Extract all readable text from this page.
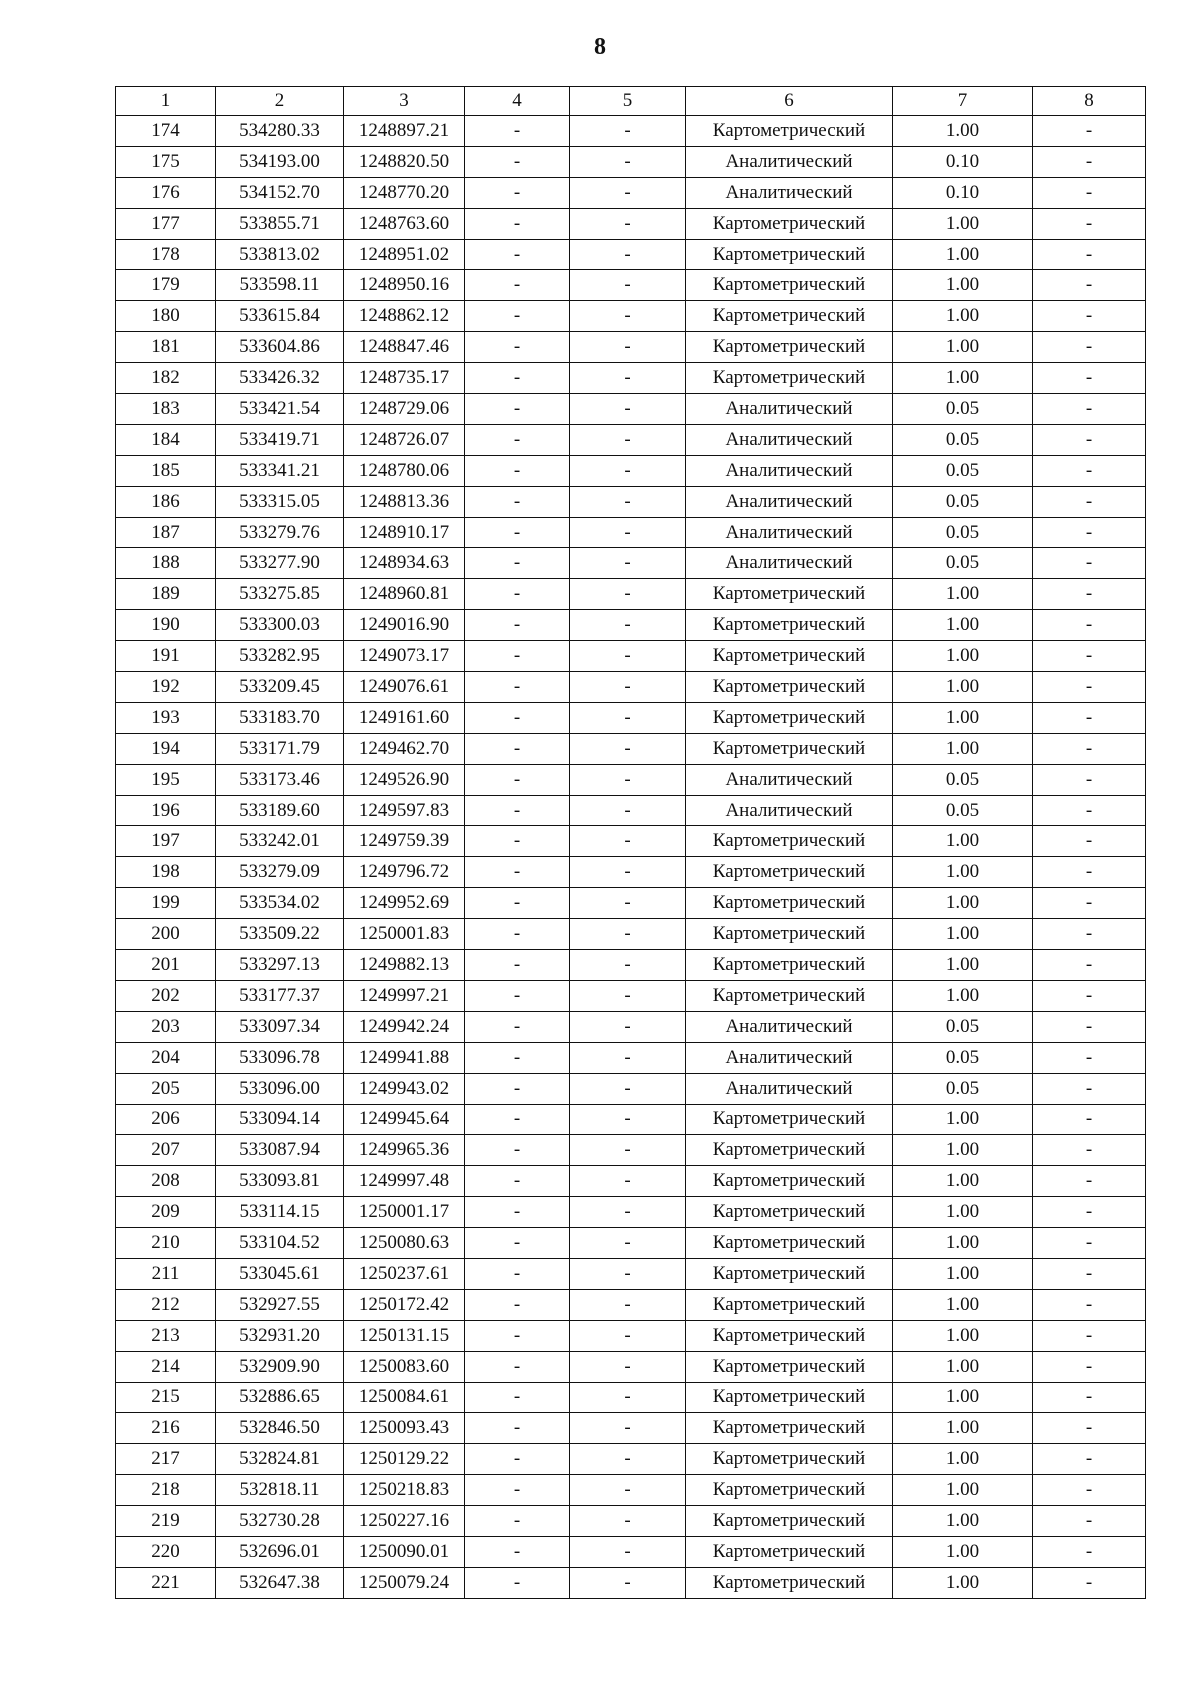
8
1	2	3	4	5	6	7	8
174	534280.33	1248897.21	-	-	Картометрический	1.00	-
175	534193.00	1248820.50	-	-	Аналитический	0.10	-
176	534152.70	1248770.20	-	-	Аналитический	0.10	-
177	533855.71	1248763.60	-	-	Картометрический	1.00	-
178	533813.02	1248951.02	-	-	Картометрический	1.00	-
179	533598.11	1248950.16	-	-	Картометрический	1.00	-
180	533615.84	1248862.12	-	-	Картометрический	1.00	-
181	533604.86	1248847.46	-	-	Картометрический	1.00	-
182	533426.32	1248735.17	-	-	Картометрический	1.00	-
183	533421.54	1248729.06	-	-	Аналитический	0.05	-
184	533419.71	1248726.07	-	-	Аналитический	0.05	-
185	533341.21	1248780.06	-	-	Аналитический	0.05	-
186	533315.05	1248813.36	-	-	Аналитический	0.05	-
187	533279.76	1248910.17	-	-	Аналитический	0.05	-
188	533277.90	1248934.63	-	-	Аналитический	0.05	-
189	533275.85	1248960.81	-	-	Картометрический	1.00	-
190	533300.03	1249016.90	-	-	Картометрический	1.00	-
191	533282.95	1249073.17	-	-	Картометрический	1.00	-
192	533209.45	1249076.61	-	-	Картометрический	1.00	-
193	533183.70	1249161.60	-	-	Картометрический	1.00	-
194	533171.79	1249462.70	-	-	Картометрический	1.00	-
195	533173.46	1249526.90	-	-	Аналитический	0.05	-
196	533189.60	1249597.83	-	-	Аналитический	0.05	-
197	533242.01	1249759.39	-	-	Картометрический	1.00	-
198	533279.09	1249796.72	-	-	Картометрический	1.00	-
199	533534.02	1249952.69	-	-	Картометрический	1.00	-
200	533509.22	1250001.83	-	-	Картометрический	1.00	-
201	533297.13	1249882.13	-	-	Картометрический	1.00	-
202	533177.37	1249997.21	-	-	Картометрический	1.00	-
203	533097.34	1249942.24	-	-	Аналитический	0.05	-
204	533096.78	1249941.88	-	-	Аналитический	0.05	-
205	533096.00	1249943.02	-	-	Аналитический	0.05	-
206	533094.14	1249945.64	-	-	Картометрический	1.00	-
207	533087.94	1249965.36	-	-	Картометрический	1.00	-
208	533093.81	1249997.48	-	-	Картометрический	1.00	-
209	533114.15	1250001.17	-	-	Картометрический	1.00	-
210	533104.52	1250080.63	-	-	Картометрический	1.00	-
211	533045.61	1250237.61	-	-	Картометрический	1.00	-
212	532927.55	1250172.42	-	-	Картометрический	1.00	-
213	532931.20	1250131.15	-	-	Картометрический	1.00	-
214	532909.90	1250083.60	-	-	Картометрический	1.00	-
215	532886.65	1250084.61	-	-	Картометрический	1.00	-
216	532846.50	1250093.43	-	-	Картометрический	1.00	-
217	532824.81	1250129.22	-	-	Картометрический	1.00	-
218	532818.11	1250218.83	-	-	Картометрический	1.00	-
219	532730.28	1250227.16	-	-	Картометрический	1.00	-
220	532696.01	1250090.01	-	-	Картометрический	1.00	-
221	532647.38	1250079.24	-	-	Картометрический	1.00	-
